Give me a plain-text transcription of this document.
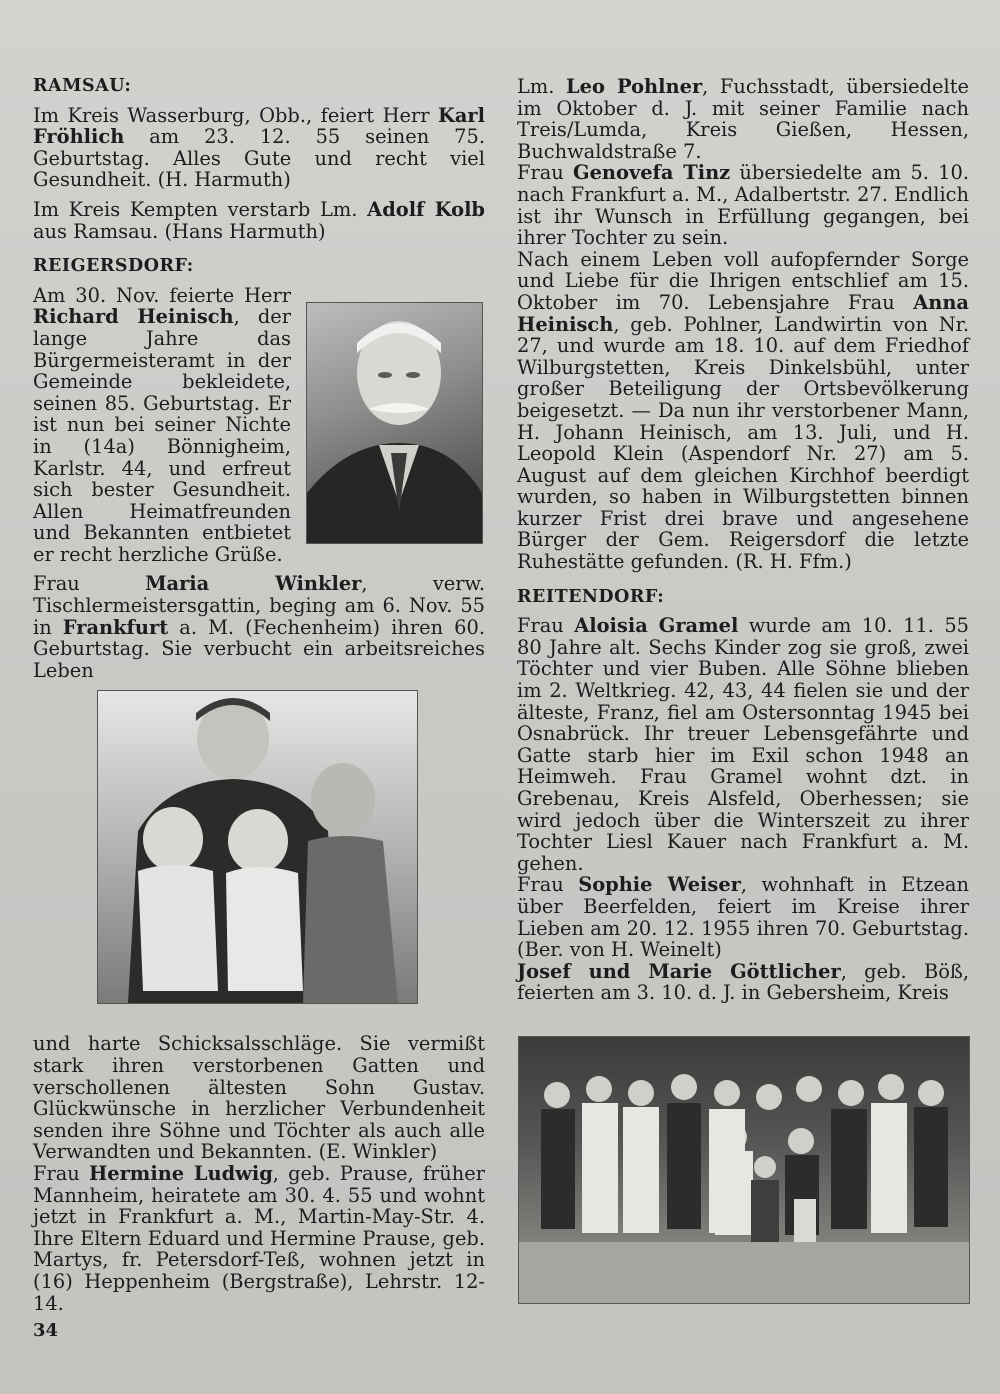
RAMSAU:

Im Kreis Wasserburg, Obb., feiert Herr Karl Fröhlich am 23. 12. 55 seinen 75. Geburtstag. Alles Gute und recht viel Gesundheit. (H. Harmuth)

Im Kreis Kempten verstarb Lm. Adolf Kolb aus Ramsau. (Hans Harmuth)

REIGERSDORF:

Am 30. Nov. feierte Herr Richard Heinisch, der lange Jahre das Bürgermeisteramt in der Gemeinde bekleidete, seinen 85. Geburtstag. Er ist nun bei seiner Nichte in (14a) Bönnigheim, Karlstr. 44, und erfreut sich bester Gesundheit. Allen Heimatfreunden und Bekannten entbietet er recht herzliche Grüße.

Frau Maria Winkler, verw. Tischlermeistersgattin, beging am 6. Nov. 55 in Frankfurt a. M. (Fechenheim) ihren 60. Geburtstag. Sie verbucht ein arbeitsreiches Leben

und harte Schicksalsschläge. Sie vermißt stark ihren verstorbenen Gatten und verschollenen ältesten Sohn Gustav. Glückwünsche in herzlicher Verbundenheit senden ihre Söhne und Töchter als auch alle Verwandten und Bekannten. (E. Winkler)

Frau Hermine Ludwig, geb. Prause, früher Mannheim, heiratete am 30. 4. 55 und wohnt jetzt in Frankfurt a. M., Martin-May-Str. 4. Ihre Eltern Eduard und Hermine Prause, geb. Martys, fr. Petersdorf-Teß, wohnen jetzt in (16) Heppenheim (Bergstraße), Lehrstr. 12-14.

Lm. Leo Pohlner, Fuchsstadt, übersiedelte im Oktober d. J. mit seiner Familie nach Treis/Lumda, Kreis Gießen, Hessen, Buchwaldstraße 7.

Frau Genovefa Tinz übersiedelte am 5. 10. nach Frankfurt a. M., Adalbertstr. 27. Endlich ist ihr Wunsch in Erfüllung gegangen, bei ihrer Tochter zu sein.

Nach einem Leben voll aufopfernder Sorge und Liebe für die Ihrigen entschlief am 15. Oktober im 70. Lebensjahre Frau Anna Heinisch, geb. Pohlner, Landwirtin von Nr. 27, und wurde am 18. 10. auf dem Friedhof Wilburgstetten, Kreis Dinkelsbühl, unter großer Beteiligung der Ortsbevölkerung beigesetzt. — Da nun ihr verstorbener Mann, H. Johann Heinisch, am 13. Juli, und H. Leopold Klein (Aspendorf Nr. 27) am 5. August auf dem gleichen Kirchhof beerdigt wurden, so haben in Wilburgstetten binnen kurzer Frist drei brave und angesehene Bürger der Gem. Reigersdorf die letzte Ruhestätte gefunden. (R. H. Ffm.)

REITENDORF:

Frau Aloisia Gramel wurde am 10. 11. 55 80 Jahre alt. Sechs Kinder zog sie groß, zwei Töchter und vier Buben. Alle Söhne blieben im 2. Weltkrieg. 42, 43, 44 fielen sie und der älteste, Franz, fiel am Ostersonntag 1945 bei Osnabrück. Ihr treuer Lebensgefährte und Gatte starb hier im Exil schon 1948 an Heimweh. Frau Gramel wohnt dzt. in Grebenau, Kreis Alsfeld, Oberhessen; sie wird jedoch über die Winterszeit zu ihrer Tochter Liesl Kauer nach Frankfurt a. M. gehen.

Frau Sophie Weiser, wohnhaft in Etzean über Beerfelden, feiert im Kreise ihrer Lieben am 20. 12. 1955 ihren 70. Geburtstag. (Ber. von H. Weinelt)

Josef und Marie Göttlicher, geb. Böß, feierten am 3. 10. d. J. in Gebersheim, Kreis

34
